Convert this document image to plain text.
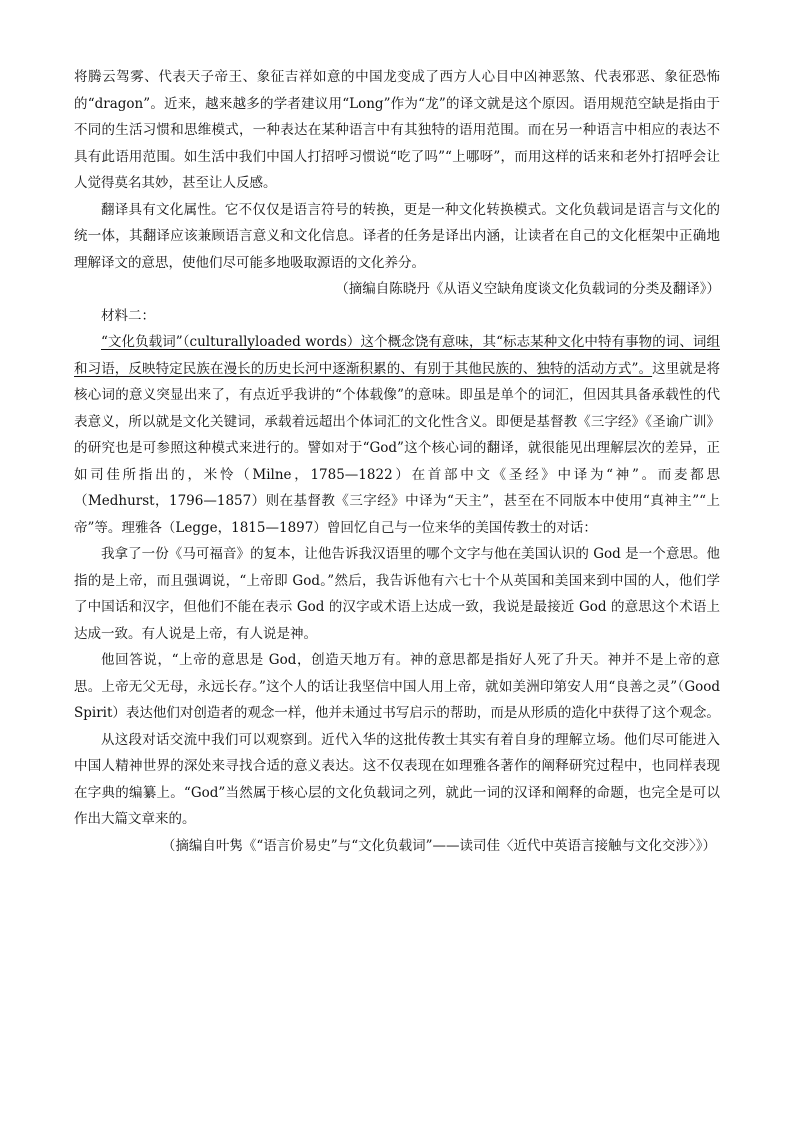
将腾云驾雾、代表天子帝王、象征吉祥如意的中国龙变成了西方人心目中凶神恶煞、代表邪恶、象征恐怖的“dragon”。近来，越来越多的学者建议用“Long”作为“龙”的译文就是这个原因。语用规范空缺是指由于不同的生活习惯和思维模式，一种表达在某种语言中有其独特的语用范围。而在另一种语言中相应的表达不具有此语用范围。如生活中我们中国人打招呼习惯说“吃了吗”“上哪呀”，而用这样的话来和老外打招呼会让人觉得莫名其妙，甚至让人反感。

翻译具有文化属性。它不仅仅是语言符号的转换，更是一种文化转换模式。文化负载词是语言与文化的统一体，其翻译应该兼顾语言意义和文化信息。译者的任务是译出内涵，让读者在自己的文化框架中正确地理解译文的意思，使他们尽可能多地吸取源语的文化养分。

（摘编自陈晓丹《从语义空缺角度谈文化负载词的分类及翻译》）

材料二：

“文化负载词”（culturallyloaded words）这个概念饶有意味，其“标志某种文化中特有事物的词、词组和习语，反映特定民族在漫长的历史长河中逐渐积累的、有别于其他民族的、独特的活动方式”。这里就是将核心词的意义突显出来了，有点近乎我讲的“个体载像”的意味。即虽是单个的词汇，但因其具备承载性的代表意义，所以就是文化关键词，承载着远超出个体词汇的文化性含义。即便是基督教《三字经》《圣谕广训》的研究也是可参照这种模式来进行的。譬如对于“God”这个核心词的翻译，就很能见出理解层次的差异，正如司佳所指出的，米怜（Milne，1785—1822）在首部中文《圣经》中译为“神”。而麦都思（Medhurst，1796—1857）则在基督教《三字经》中译为“天主”，甚至在不同版本中使用“真神主”“上帝”等。理雅各（Legge，1815—1897）曾回忆自己与一位来华的美国传教士的对话：

我拿了一份《马可福音》的复本，让他告诉我汉语里的哪个文字与他在美国认识的 God 是一个意思。他指的是上帝，而且强调说，“上帝即 God。”然后，我告诉他有六七十个从英国和美国来到中国的人，他们学了中国话和汉字，但他们不能在表示 God 的汉字或术语上达成一致，我说是最接近 God 的意思这个术语上达成一致。有人说是上帝，有人说是神。

他回答说，“上帝的意思是 God，创造天地万有。神的意思都是指好人死了升天。神并不是上帝的意思。上帝无父无母，永远长存。”这个人的话让我坚信中国人用上帝，就如美洲印第安人用“良善之灵”（Good Spirit）表达他们对创造者的观念一样，他并未通过书写启示的帮助，而是从形质的造化中获得了这个观念。

从这段对话交流中我们可以观察到。近代入华的这批传教士其实有着自身的理解立场。他们尽可能进入中国人精神世界的深处来寻找合适的意义表达。这不仅表现在如理雅各著作的阐释研究过程中，也同样表现在字典的编纂上。“God”当然属于核心层的文化负载词之列，就此一词的汉译和阐释的命题，也完全是可以作出大篇文章来的。

（摘编自叶隽《“语言价易史”与“文化负载词”——读司佳〈近代中英语言接触与文化交涉〉》）
